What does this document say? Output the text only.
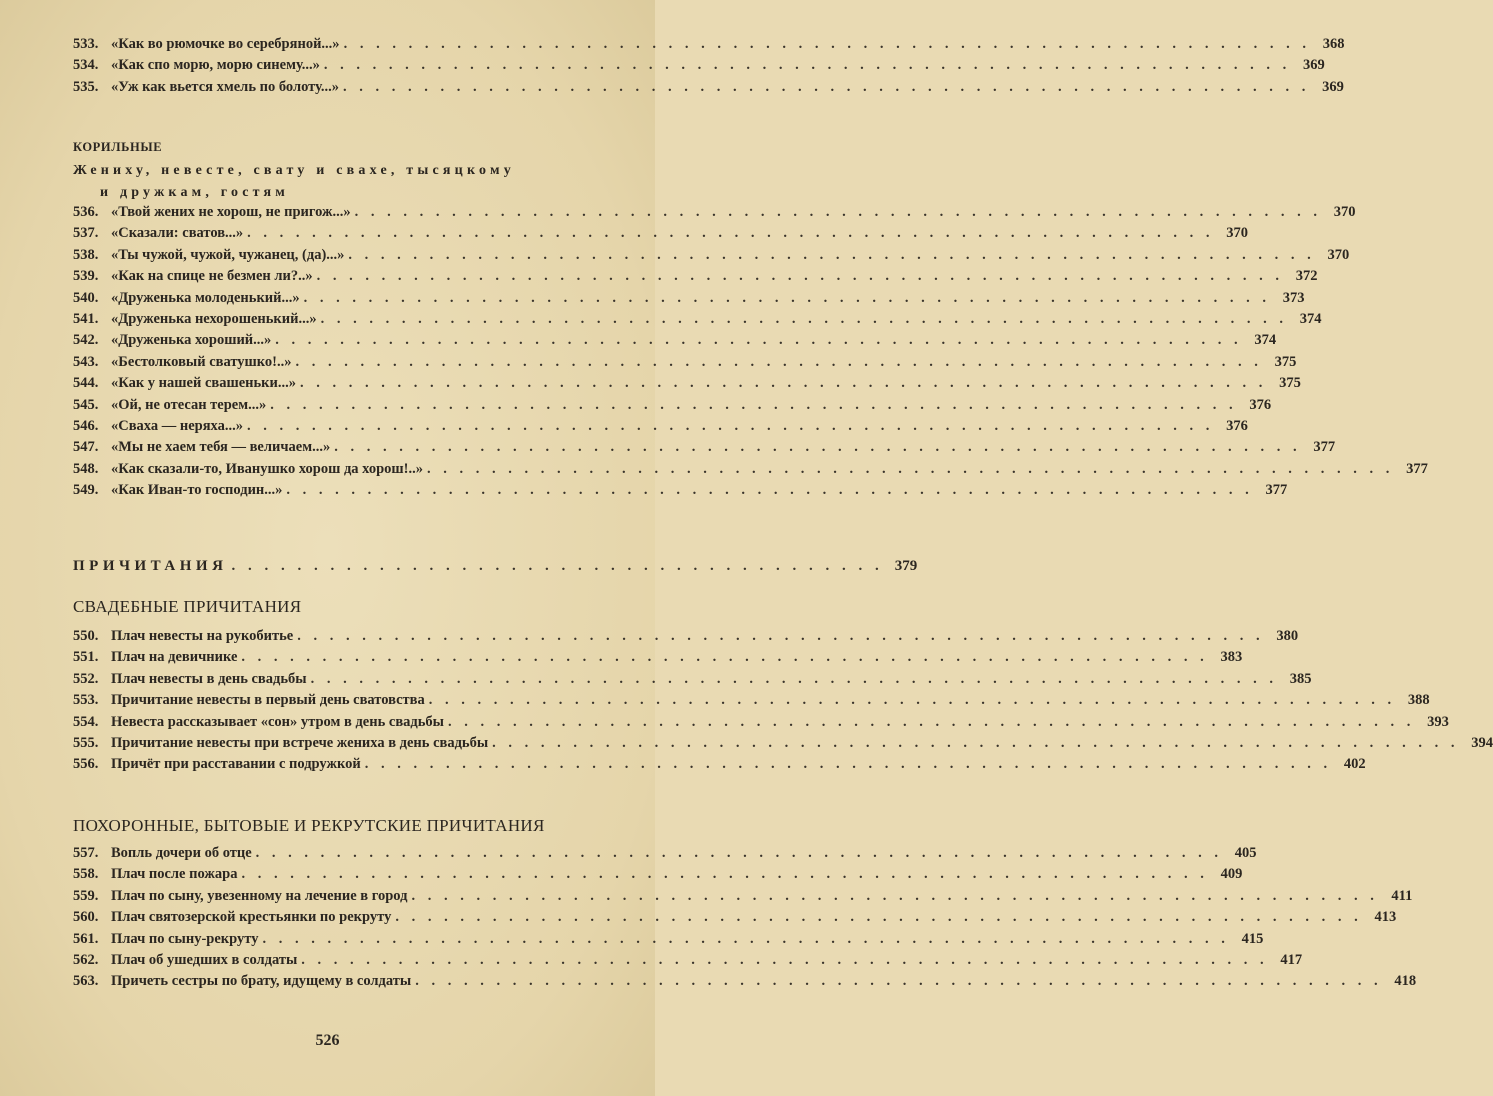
533. «Как во рюмочке во серебряной...» . . . . . . . . . . . . . . . . . . . . . . . . . . . . . . . . . . . . . . . . . . . . . . . . . . . . . . . . . . . . 368
534. «Как спо морю, морю синему...» . . . . . . . . . . . . . . . . . . . . . . . . . . . . . . . . . . . . . . . . . . . . . . . . . . . . . . . . . . . . 369
535. «Уж как вьется хмель по болоту...» . . . . . . . . . . . . . . . . . . . . . . . . . . . . . . . . . . . . . . . . . . . . . . . . . . . . . . . . . . . . 369
КОРИЛЬНЫЕ
Жениху, невесте, свату и свахе, тысяцкому
и дружкам, гостям
536. «Твой жених не хорош, не пригож...» . . . . . . . . . . . . . . . . . . . . . . . . . . . . . . . . . . . . . . . . . . . . . . . . . . . . . . . . . . . . 370
537. «Сказали: сватов...» . . . . . . . . . . . . . . . . . . . . . . . . . . . . . . . . . . . . . . . . . . . . . . . . . . . . . . . . . . . . 370
538. «Ты чужой, чужой, чужанец, (да)...» . . . . . . . . . . . . . . . . . . . . . . . . . . . . . . . . . . . . . . . . . . . . . . . . . . . . . . . . . . . . 370
539. «Как на спице не безмен ли?..» . . . . . . . . . . . . . . . . . . . . . . . . . . . . . . . . . . . . . . . . . . . . . . . . . . . . . . . . . . . . 372
540. «Друженька молоденький...» . . . . . . . . . . . . . . . . . . . . . . . . . . . . . . . . . . . . . . . . . . . . . . . . . . . . . . . . . . . . 373
541. «Друженька нехорошенький...» . . . . . . . . . . . . . . . . . . . . . . . . . . . . . . . . . . . . . . . . . . . . . . . . . . . . . . . . . . . . 374
542. «Друженька хороший...» . . . . . . . . . . . . . . . . . . . . . . . . . . . . . . . . . . . . . . . . . . . . . . . . . . . . . . . . . . . . 374
543. «Бестолковый сватушко!..» . . . . . . . . . . . . . . . . . . . . . . . . . . . . . . . . . . . . . . . . . . . . . . . . . . . . . . . . . . . . 375
544. «Как у нашей свашеньки...» . . . . . . . . . . . . . . . . . . . . . . . . . . . . . . . . . . . . . . . . . . . . . . . . . . . . . . . . . . . . 375
545. «Ой, не отесан терем...» . . . . . . . . . . . . . . . . . . . . . . . . . . . . . . . . . . . . . . . . . . . . . . . . . . . . . . . . . . . . 376
546. «Сваха — неряха...» . . . . . . . . . . . . . . . . . . . . . . . . . . . . . . . . . . . . . . . . . . . . . . . . . . . . . . . . . . . . 376
547. «Мы не хаем тебя — величаем...» . . . . . . . . . . . . . . . . . . . . . . . . . . . . . . . . . . . . . . . . . . . . . . . . . . . . . . . . . . . . 377
548. «Как сказали-то, Иванушко хорош да хорош!..» . . . . . . . . . . . . . . . . . . . . . . . . . . . . . . . . . . . . . . . . . . . . . . . . . . . . . . . . . . . . 377
549. «Как Иван-то господин...» . . . . . . . . . . . . . . . . . . . . . . . . . . . . . . . . . . . . . . . . . . . . . . . . . . . . . . . . . . . . 377
ПРИЧИТАНИЯ . . . . . . . . . . . . . . . . . . . . . . . . . . . . . . . . . . . . . . . . 379
СВАДЕБНЫЕ ПРИЧИТАНИЯ
550. Плач невесты на рукобитье . . . . . . . . . . . . . . . . . . . . . . . . . . . . . . . . . . . . . . . . . . . . . . . . . . . . . . . . . . . . 380
551. Плач на девичнике . . . . . . . . . . . . . . . . . . . . . . . . . . . . . . . . . . . . . . . . . . . . . . . . . . . . . . . . . . . . 383
552. Плач невесты в день свадьбы . . . . . . . . . . . . . . . . . . . . . . . . . . . . . . . . . . . . . . . . . . . . . . . . . . . . . . . . . . . . 385
553. Причитание невесты в первый день сватовства . . . . . . . . . . . . . . . . . . . . . . . . . . . . . . . . . . . . . . . . . . . . . . . . . . . . . . . . . . . . 388
554. Невеста рассказывает «сон» утром в день свадьбы . . . . . . . . . . . . . . . . . . . . . . . . . . . . . . . . . . . . . . . . . . . . . . . . . . . . . . . . . . . . 393
555. Причитание невесты при встрече жениха в день свадьбы . . . . . . . . . . . . . . . . . . . . . . . . . . . . . . . . . . . . . . . . . . . . . . . . . . . . . . . . . . . . 394
556. Причёт при расставании с подружкой . . . . . . . . . . . . . . . . . . . . . . . . . . . . . . . . . . . . . . . . . . . . . . . . . . . . . . . . . . . . 402
ПОХОРОННЫЕ, БЫТОВЫЕ И РЕКРУТСКИЕ ПРИЧИТАНИЯ
557. Вопль дочери об отце . . . . . . . . . . . . . . . . . . . . . . . . . . . . . . . . . . . . . . . . . . . . . . . . . . . . . . . . . . . . 405
558. Плач после пожара . . . . . . . . . . . . . . . . . . . . . . . . . . . . . . . . . . . . . . . . . . . . . . . . . . . . . . . . . . . . 409
559. Плач по сыну, увезенному на лечение в город . . . . . . . . . . . . . . . . . . . . . . . . . . . . . . . . . . . . . . . . . . . . . . . . . . . . . . . . . . . . 411
560. Плач святозерской крестьянки по рекруту . . . . . . . . . . . . . . . . . . . . . . . . . . . . . . . . . . . . . . . . . . . . . . . . . . . . . . . . . . . . 413
561. Плач по сыну-рекруту . . . . . . . . . . . . . . . . . . . . . . . . . . . . . . . . . . . . . . . . . . . . . . . . . . . . . . . . . . . . 415
562. Плач об ушедших в солдаты . . . . . . . . . . . . . . . . . . . . . . . . . . . . . . . . . . . . . . . . . . . . . . . . . . . . . . . . . . . . 417
563. Причеть сестры по брату, идущему в солдаты . . . . . . . . . . . . . . . . . . . . . . . . . . . . . . . . . . . . . . . . . . . . . . . . . . . . . . . . . . . . 418
526
